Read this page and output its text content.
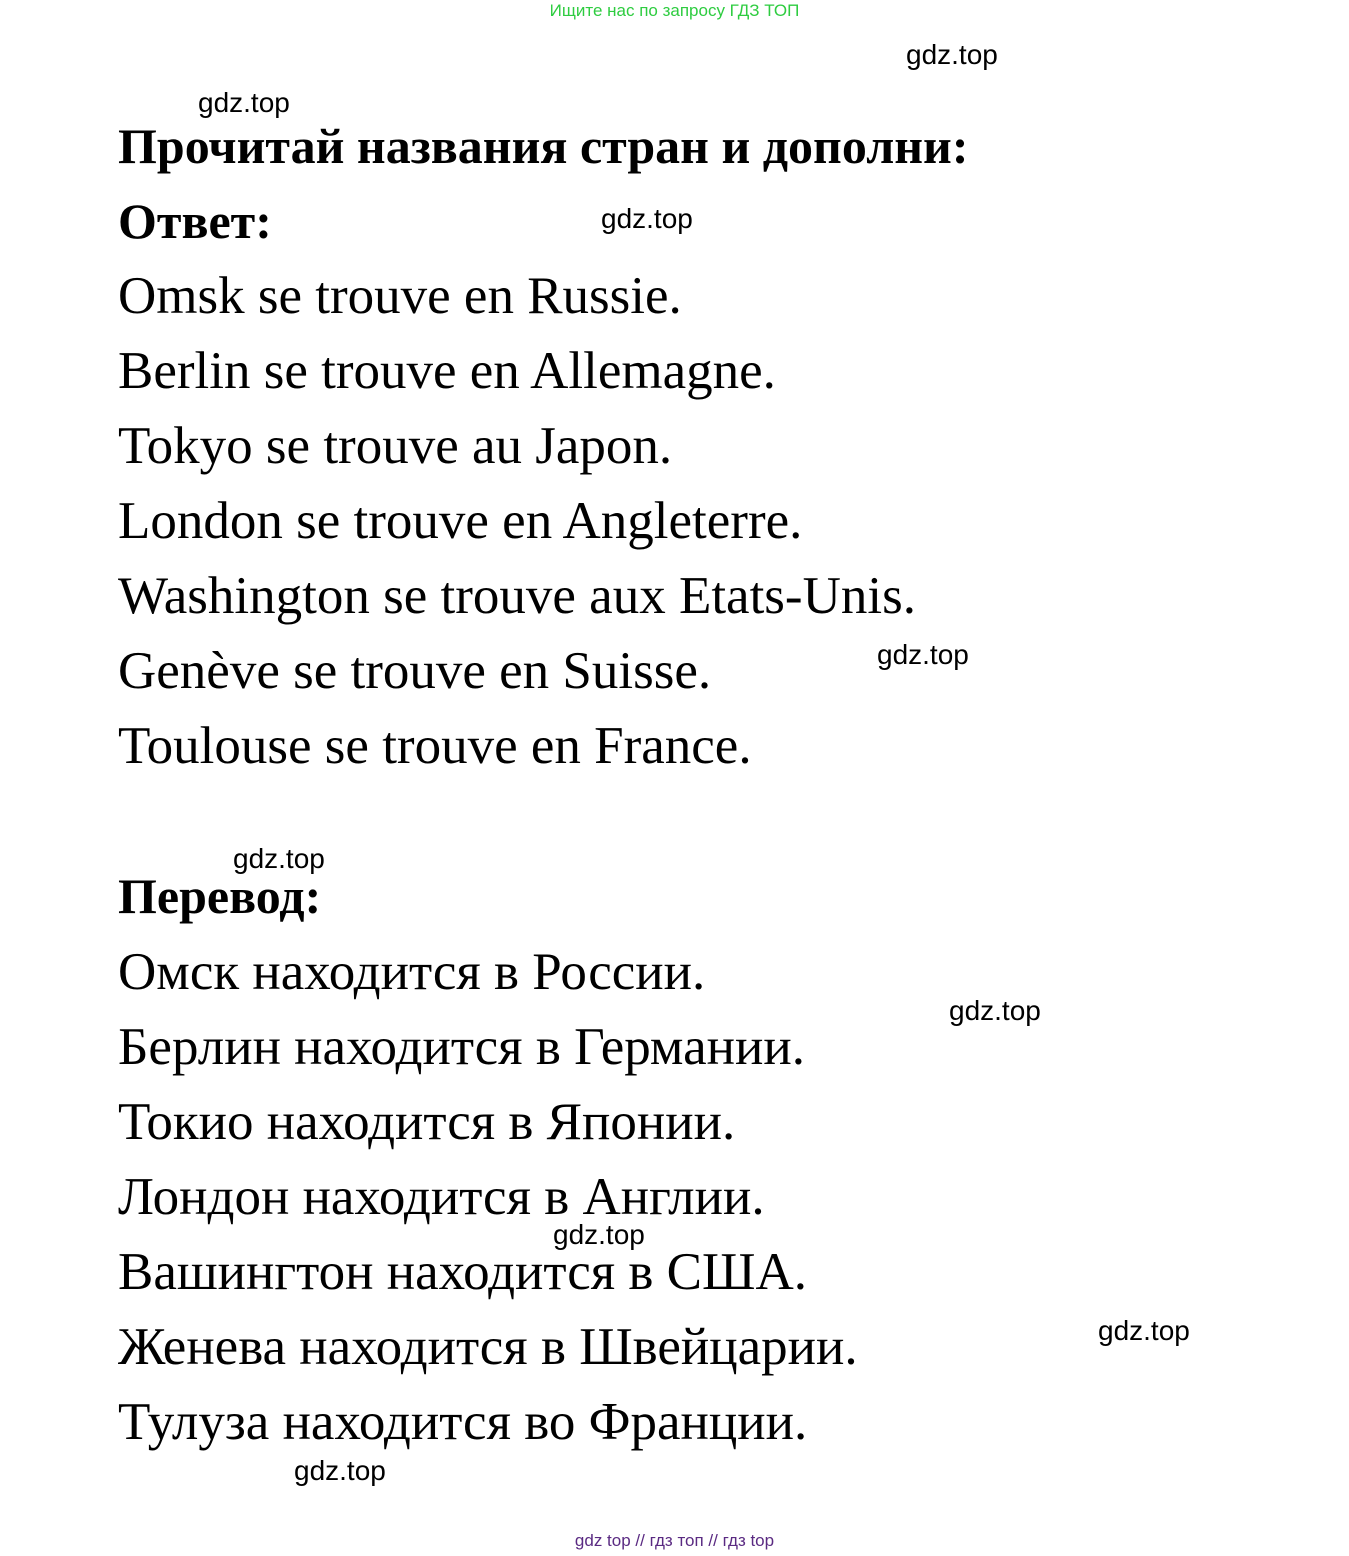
Ищите нас по запросу ГДЗ ТОП
gdz.top
gdz.top
Прочитай названия стран и дополни:
Ответ:	gdz.top
Omsk se trouve en Russie.
Berlin se trouve en Allemagne.
Tokyo se trouve au Japon.
London se trouve en Angleterre.
Washington se trouve aux Etats-Unis.
Genève se trouve en Suisse.	gdz.top
Toulouse se trouve en France.
gdz.top
Перевод:
Омск находится в России.
gdz.top
Берлин находится в Германии.
Токио находится в Японии.
Лондон находится в Англии.
gdz.top
Вашингтон находится в США.
Женева находится в Швейцарии.	gdz.top
Тулуза находится во Франции.
gdz.top
gdz top // гдз топ // гдз top
